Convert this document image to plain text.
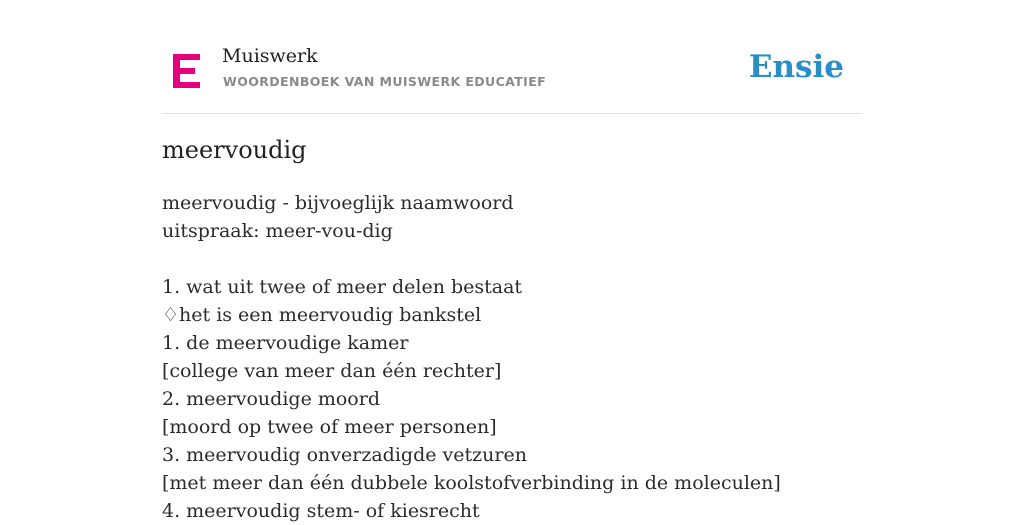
Muiswerk
WOORDENBOEK VAN MUISWERK EDUCATIEF	Ensie
meervoudig
meervoudig - bijvoeglijk naamwoord
uitspraak: meer-vou-dig
1. wat uit twee of meer delen bestaat
♢het is een meervoudig bankstel
1. de meervoudige kamer
[college van meer dan één rechter]
2. meervoudige moord
[moord op twee of meer personen]
3. meervoudig onverzadigde vetzuren
[met meer dan één dubbele koolstofverbinding in de moleculen]
4. meervoudig stem- of kiesrecht
